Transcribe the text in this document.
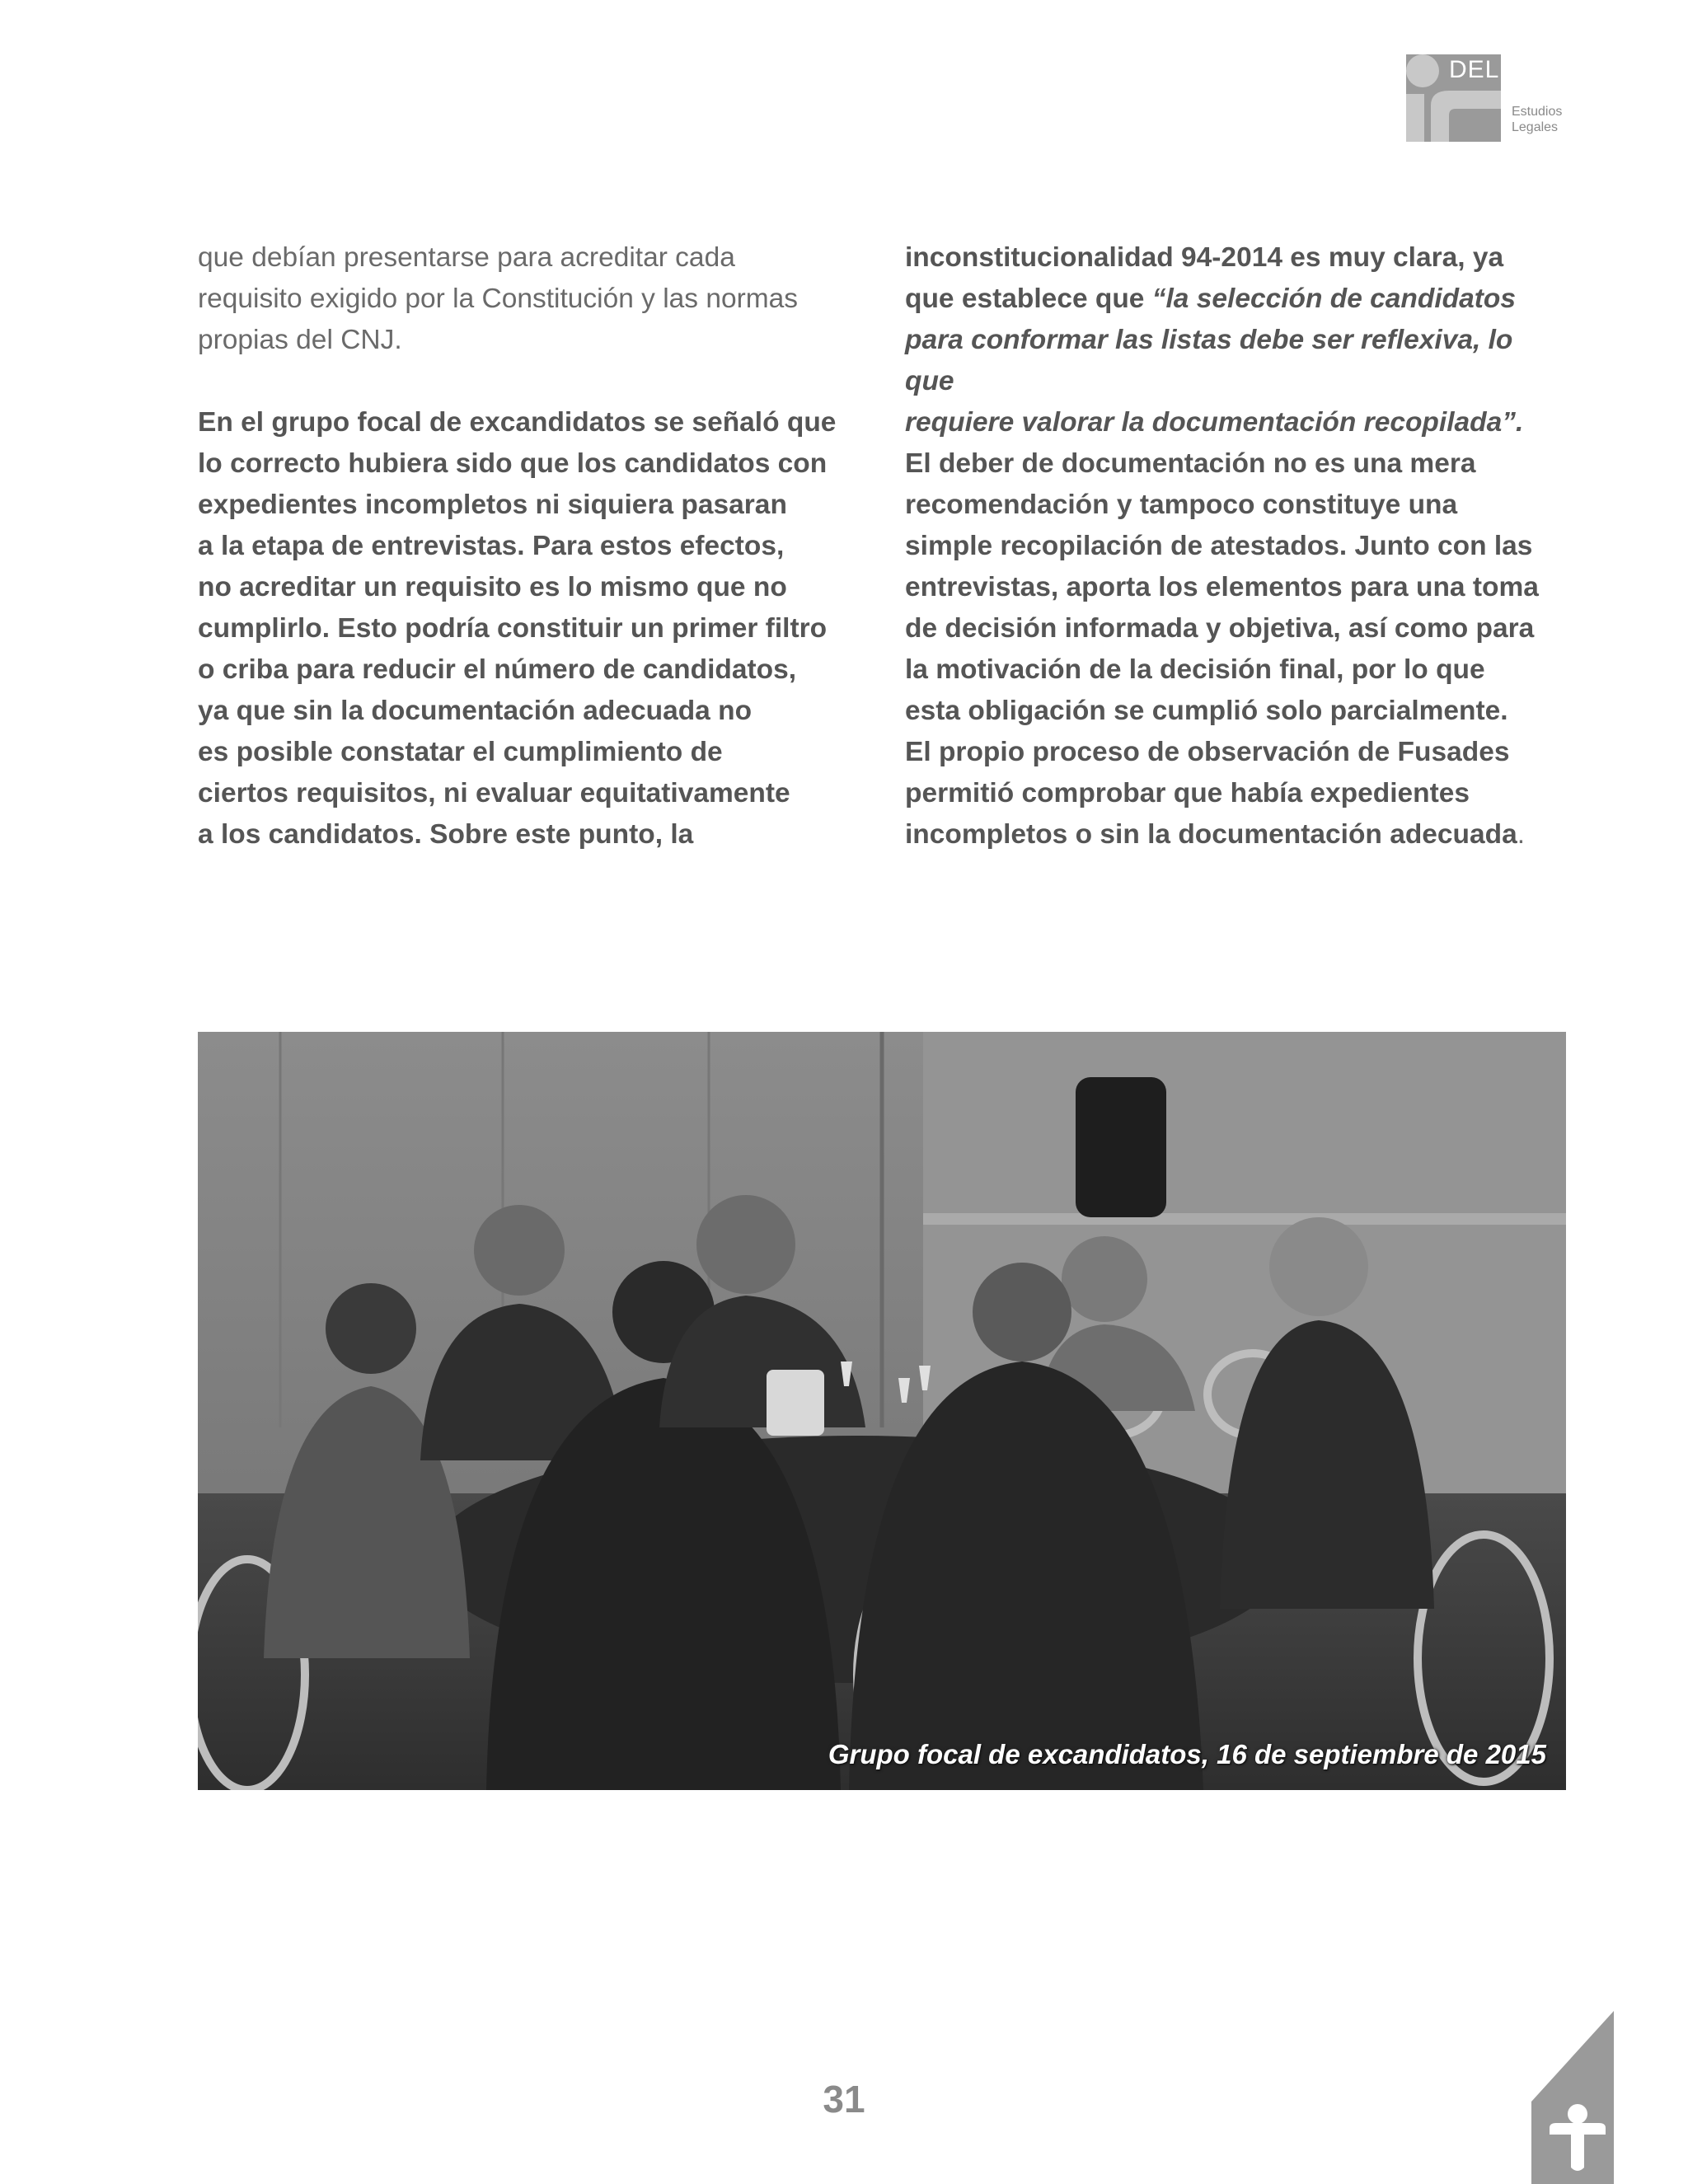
DEL
Estudios
Legales
que debían presentarse para acreditar cada
requisito exigido por la Constitución y las normas
propias del CNJ.
En el grupo focal de excandidatos se señaló que
lo correcto hubiera sido que los candidatos con
expedientes incompletos ni siquiera pasaran
a la etapa de entrevistas. Para estos efectos,
no acreditar un requisito es lo mismo que no
cumplirlo. Esto podría constituir un primer filtro
o criba para reducir el número de candidatos,
ya que sin la documentación adecuada no
es posible constatar el cumplimiento de
ciertos requisitos, ni evaluar equitativamente
a los candidatos. Sobre este punto, la
inconstitucionalidad 94-2014 es muy clara, ya
que establece que “la selección de candidatos
para conformar las listas debe ser reflexiva, lo que
requiere valorar la documentación recopilada”.
El deber de documentación no es una mera
recomendación y tampoco constituye una
simple recopilación de atestados. Junto con las
entrevistas, aporta los elementos para una toma
de decisión informada y objetiva, así como para
la motivación de la decisión final, por lo que
esta obligación se cumplió solo parcialmente.
El propio proceso de observación de Fusades
permitió comprobar que había expedientes
incompletos o sin la documentación adecuada.
Grupo focal de excandidatos, 16 de septiembre de 2015
31
